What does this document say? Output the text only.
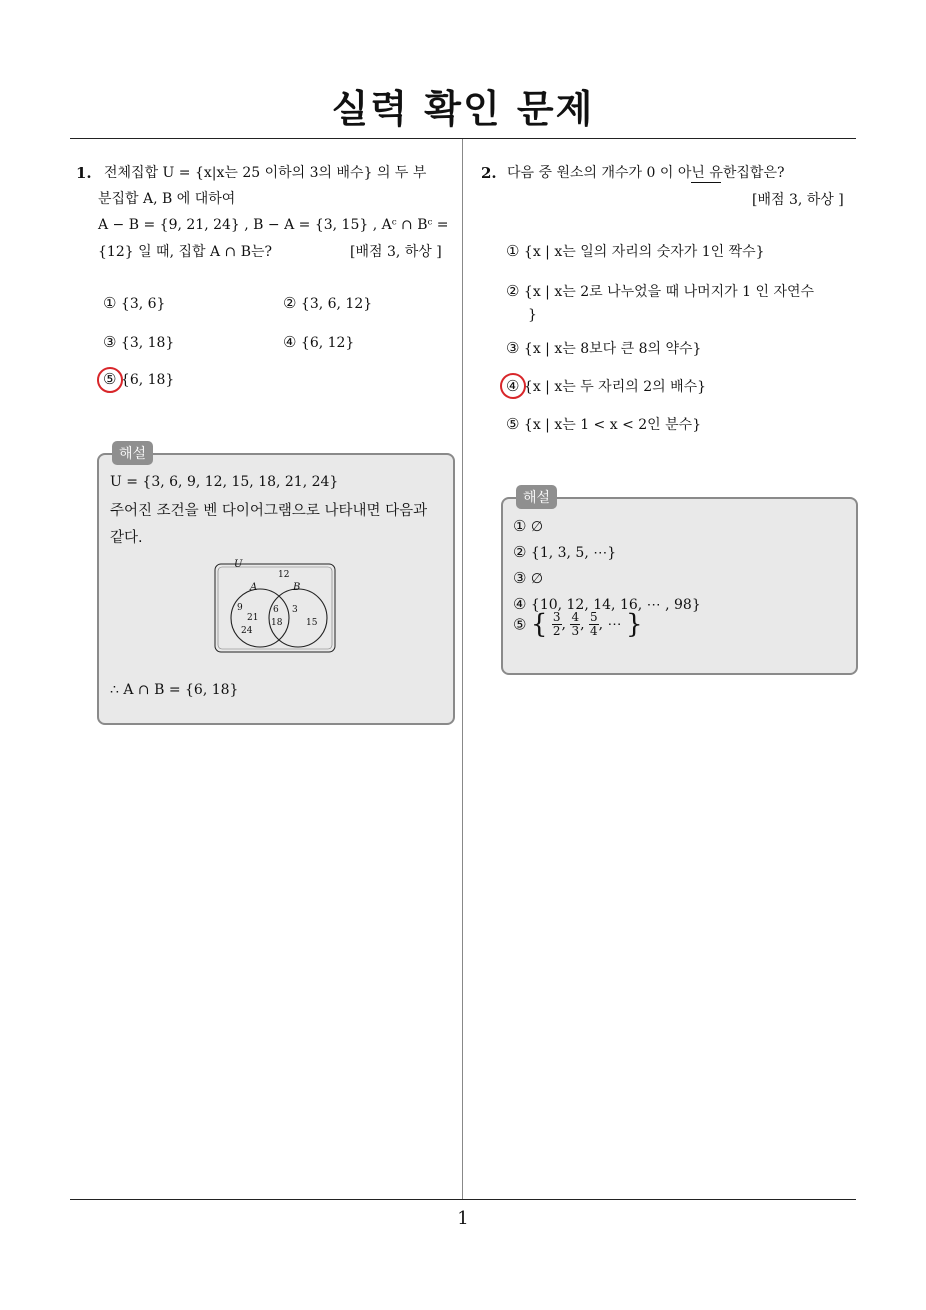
실력 확인 문제
1. 전체집합 U = {x|x는 25 이하의 3의 배수} 의 두 부
분집합 A, B 에 대하여
A − B = {9, 21, 24} , B − A = {3, 15} , Aᶜ ∩ Bᶜ =
{12} 일 때, 집합 A ∩ B는?	[배점 3, 하상 ]
① {3, 6}	② {3, 6, 12}
③ {3, 18}	④ {6, 12}
⑤ {6, 18}
해설
U = {3, 6, 9, 12, 15, 18, 21, 24}
주어진 조건을 벤 다이어그램으로 나타내면 다음과
같다.
U
12
A	B
9
21
24
6
18
3
15
∴ A ∩ B = {6, 18}
2. 다음 중 원소의 개수가 0 이 아닌 유한집합은?
[배점 3, 하상 ]
① {x | x는 일의 자리의 숫자가 1인 짝수}
② {x | x는 2로 나누었을 때 나머지가 1 인 자연수
}
③ {x | x는 8보다 큰 8의 약수}
④ {x | x는 두 자리의 2의 배수}
⑤ {x | x는 1 < x < 2인 분수}
해설
① ∅
② {1, 3, 5, ⋯}
③ ∅
④ {10, 12, 14, 16, ⋯ , 98}
⑤ { $\frac{3}{2}$ , $\frac{4}{3}$ , $\frac{5}{4}$ , ⋯ }
1
